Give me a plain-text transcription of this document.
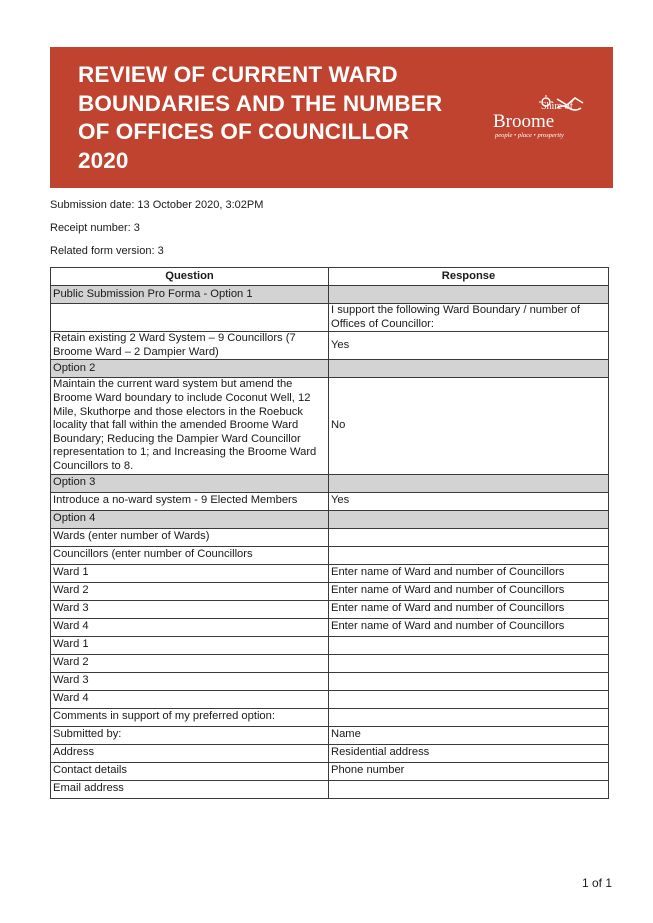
REVIEW OF CURRENT WARD
BOUNDARIES AND THE NUMBER
OF OFFICES OF COUNCILLOR
2020
Shire of
Broome
people • place • prosperity
Submission date: 13 October 2020, 3:02PM
Receipt number: 3
Related form version: 3
Question	Response
Public Submission Pro Forma - Option 1	
	I support the following Ward Boundary / number of Offices of Councillor:
Retain existing 2 Ward System – 9 Councillors (7 Broome Ward – 2 Dampier Ward)	Yes
Option 2	
Maintain the current ward system but amend the Broome Ward boundary to include Coconut Well, 12 Mile, Skuthorpe and those electors in the Roebuck locality that fall within the amended Broome Ward Boundary; Reducing the Dampier Ward Councillor representation to 1; and Increasing the Broome Ward Councillors to 8.	No
Option 3	
Introduce a no-ward system - 9 Elected Members	Yes
Option 4	
Wards (enter number of Wards)	
Councillors (enter number of Councillors	
Ward 1	Enter name of Ward and number of Councillors
Ward 2	Enter name of Ward and number of Councillors
Ward 3	Enter name of Ward and number of Councillors
Ward 4	Enter name of Ward and number of Councillors
Ward 1	
Ward 2	
Ward 3	
Ward 4	
Comments in support of my preferred option:	
Submitted by:	Name
Address	Residential address
Contact details	Phone number
Email address	
1 of 1
